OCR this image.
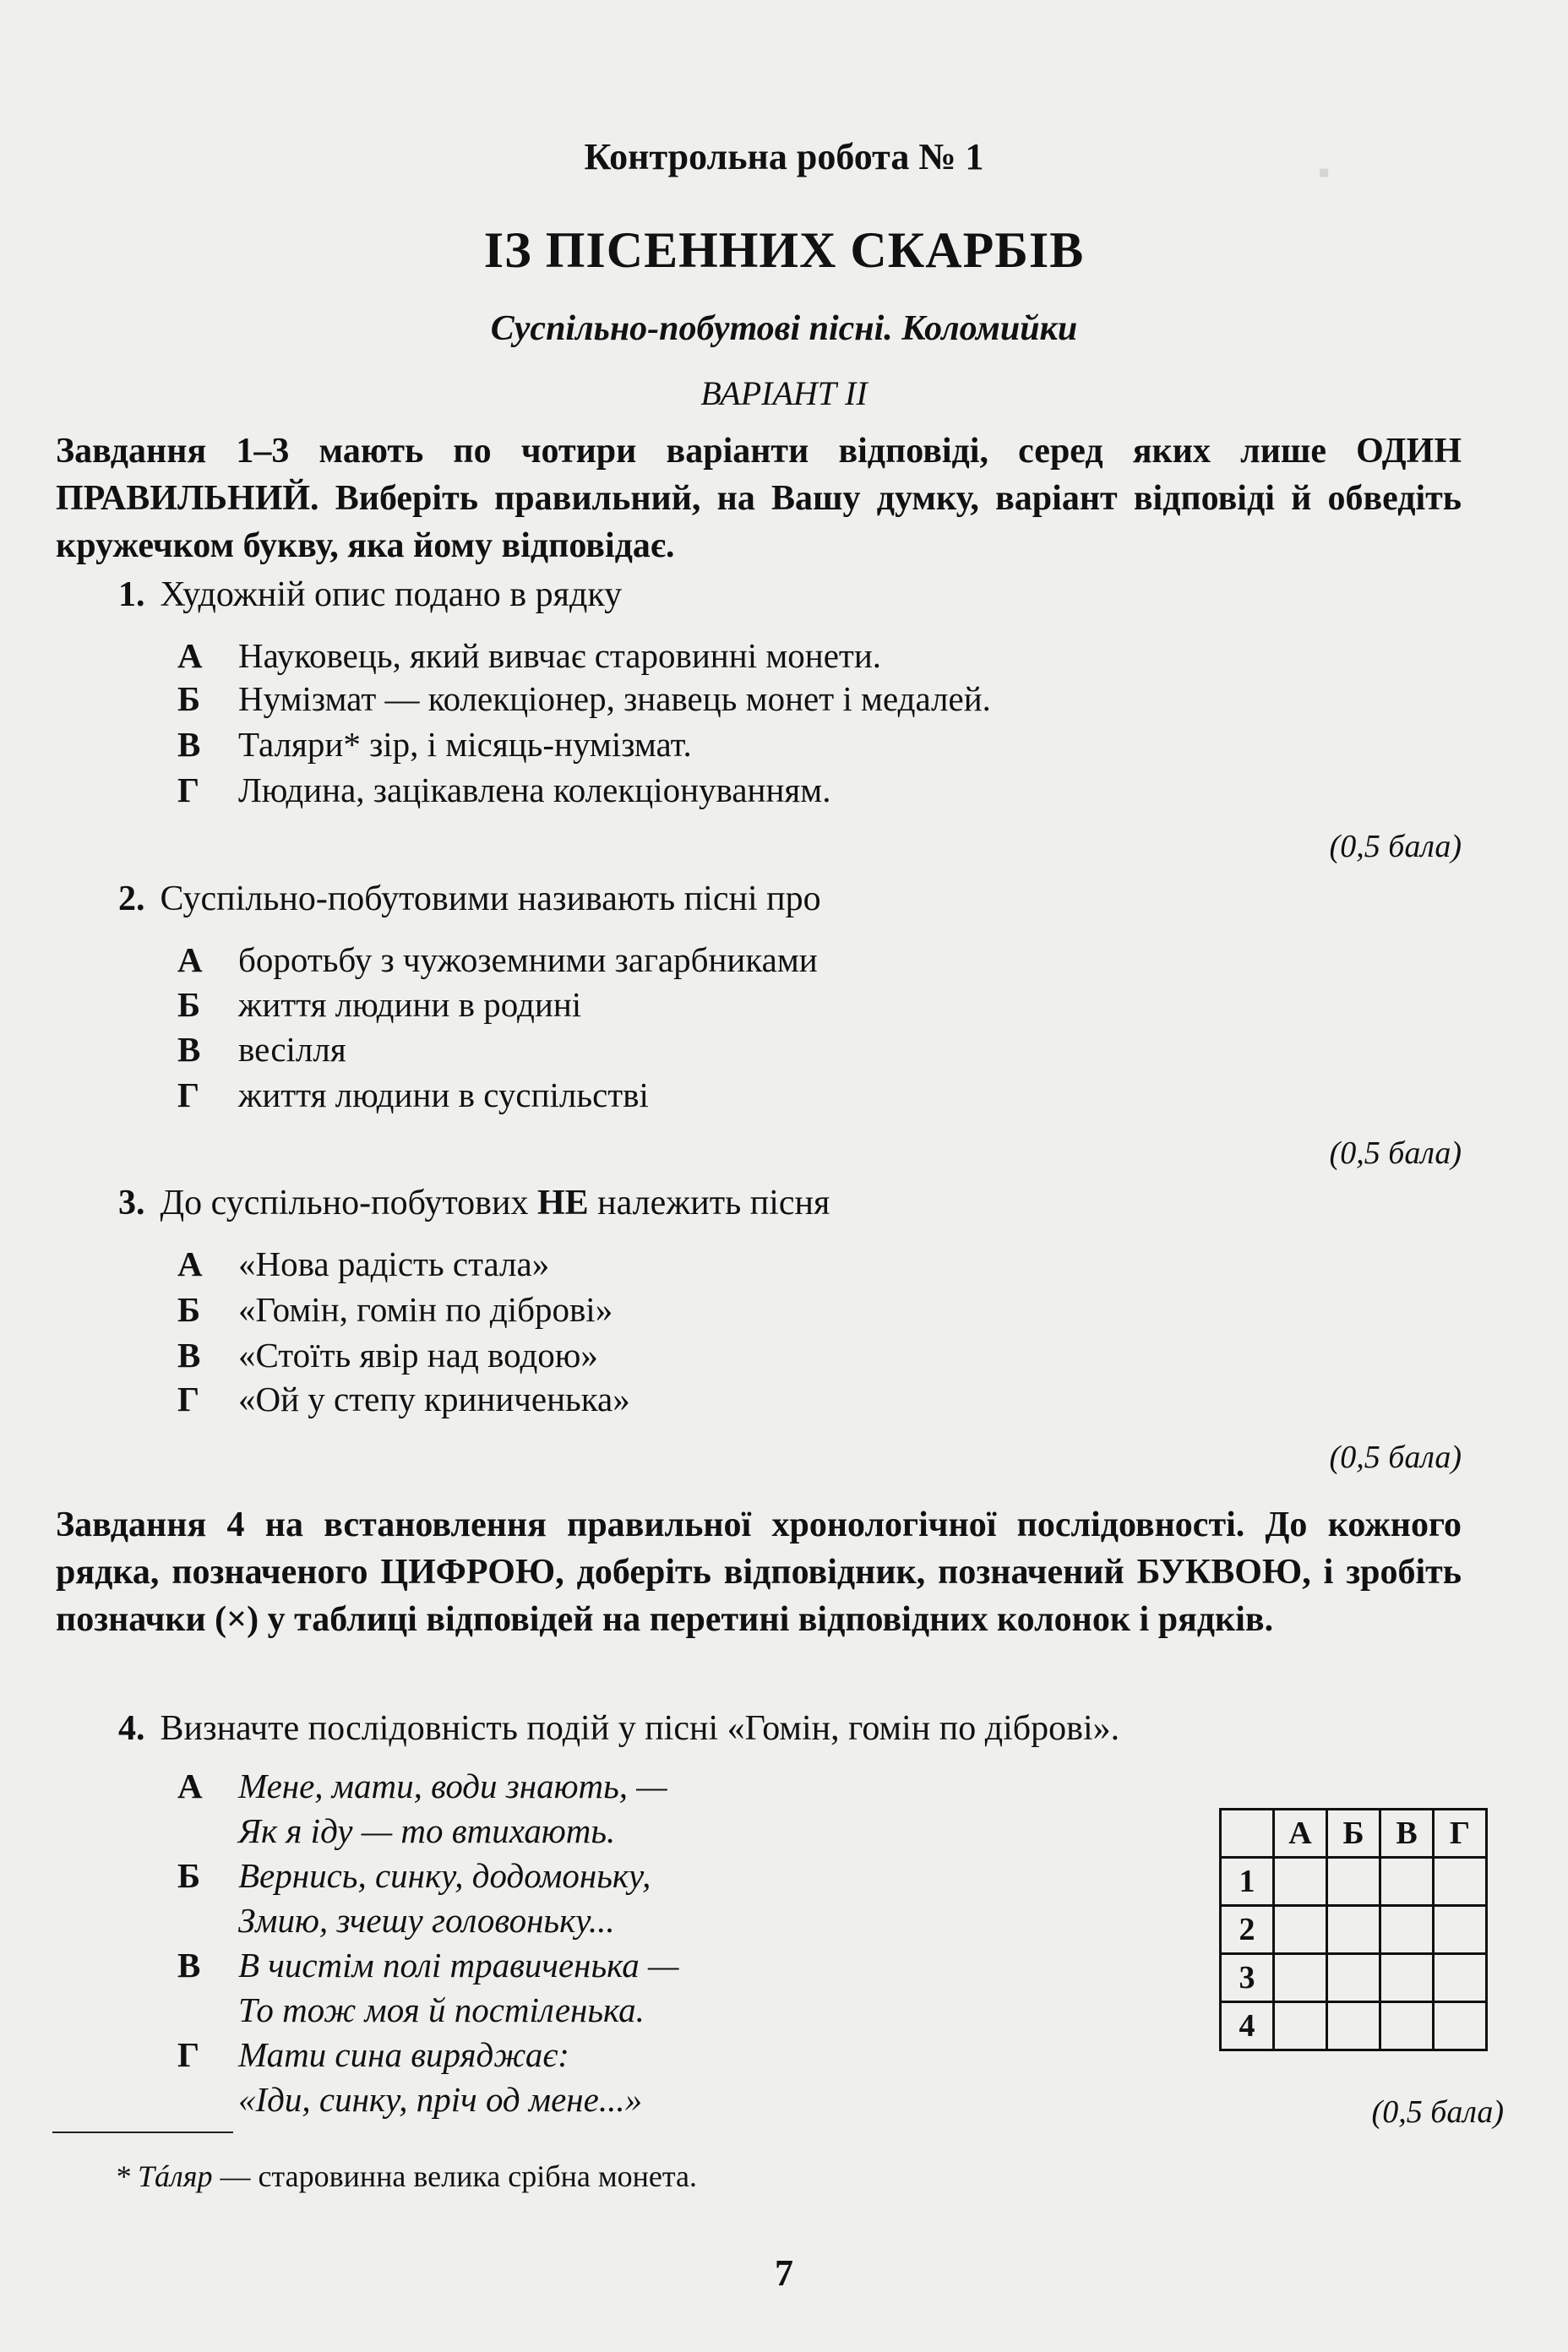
▪
Контрольна робота № 1
ІЗ ПІСЕННИХ СКАРБІВ
Суспільно-побутові пісні. Коломийки
ВАРІАНТ ІІ
Завдання 1–3 мають по чотири варіанти відповіді, серед яких лише ОДИН ПРАВИЛЬНИЙ. Виберіть правильний, на Вашу думку, варіант відповіді й обведіть кружечком букву, яка йому відповідає.
1. Художній опис подано в рядку
А Науковець, який вивчає старовинні монети.
Б Нумізмат — колекціонер, знавець монет і медалей.
В Таляри* зір, і місяць-нумізмат.
Г Людина, зацікавлена колекціонуванням.
(0,5 бала)
2. Суспільно-побутовими називають пісні про
А боротьбу з чужоземними загарбниками
Б життя людини в родині
В весілля
Г життя людини в суспільстві
(0,5 бала)
3. До суспільно-побутових НЕ належить пісня
А «Нова радість стала»
Б «Гомін, гомін по діброві»
В «Стоїть явір над водою»
Г «Ой у степу криниченька»
(0,5 бала)
Завдання 4 на встановлення правильної хронологічної послідовності. До кожного рядка, позначеного ЦИФРОЮ, доберіть відповідник, позначений БУКВОЮ, і зробіть позначки (×) у таблиці відповідей на перетині відповідних колонок і рядків.
4. Визначте послідовність подій у пісні «Гомін, гомін по діброві».
А Мене, мати, води знають, —
Як я іду — то втихають.
Б Вернись, синку, додомоньку,
Змию, зчешу головоньку...
В В чистім полі травиченька —
То тож моя й постіленька.
Г Мати сина виряджає:
«Іди, синку, пріч од мене...»
	А	Б	В	Г
1				
2				
3				
4				
(0,5 бала)
* Тáляр — старовинна велика срібна монета.
7
